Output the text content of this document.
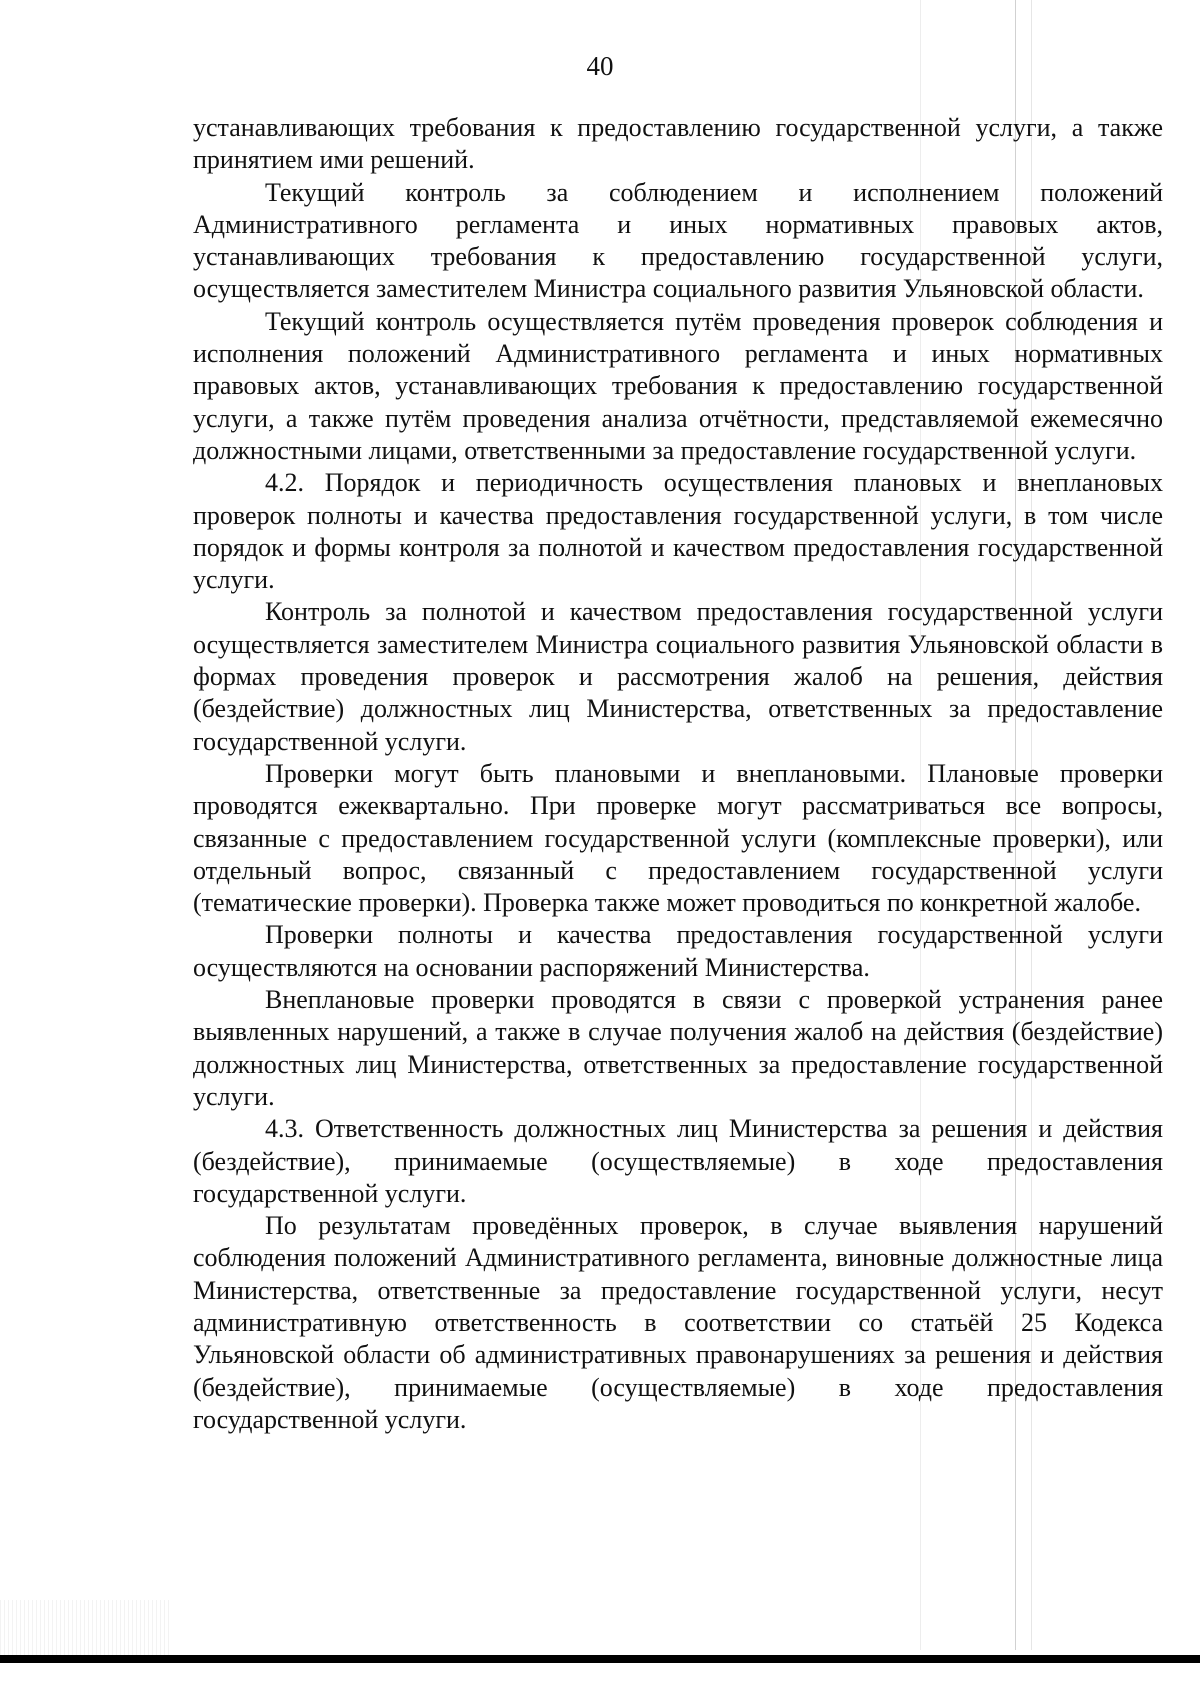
40

устанавливающих требования к предоставлению государственной услуги, а также принятием ими решений.

Текущий контроль за соблюдением и исполнением положений Административного регламента и иных нормативных правовых актов, устанавливающих требования к предоставлению государственной услуги, осуществляется заместителем Министра социального развития Ульяновской области.

Текущий контроль осуществляется путём проведения проверок соблюдения и исполнения положений Административного регламента и иных нормативных правовых актов, устанавливающих требования к предоставлению государственной услуги, а также путём проведения анализа отчётности, представляемой ежемесячно должностными лицами, ответственными за предоставление государственной услуги.

4.2. Порядок и периодичность осуществления плановых и внеплановых проверок полноты и качества предоставления государственной услуги, в том числе порядок и формы контроля за полнотой и качеством предоставления государственной услуги.

Контроль за полнотой и качеством предоставления государственной услуги осуществляется заместителем Министра социального развития Ульяновской области в формах проведения проверок и рассмотрения жалоб на решения, действия (бездействие) должностных лиц Министерства, ответственных за предоставление государственной услуги.

Проверки могут быть плановыми и внеплановыми. Плановые проверки проводятся ежеквартально. При проверке могут рассматриваться все вопросы, связанные с предоставлением государственной услуги (комплексные проверки), или отдельный вопрос, связанный с предоставлением государственной услуги (тематические проверки). Проверка также может проводиться по конкретной жалобе.

Проверки полноты и качества предоставления государственной услуги осуществляются на основании распоряжений Министерства.

Внеплановые проверки проводятся в связи с проверкой устранения ранее выявленных нарушений, а также в случае получения жалоб на действия (бездействие) должностных лиц Министерства, ответственных за предоставление государственной услуги.

4.3. Ответственность должностных лиц Министерства за решения и действия (бездействие), принимаемые (осуществляемые) в ходе предоставления государственной услуги.

По результатам проведённых проверок, в случае выявления нарушений соблюдения положений Административного регламента, виновные должностные лица Министерства, ответственные за предоставление государственной услуги, несут административную ответственность в соответствии со статьёй 25 Кодекса Ульяновской области об административных правонарушениях за решения и действия (бездействие), принимаемые (осуществляемые) в ходе предоставления государственной услуги.
